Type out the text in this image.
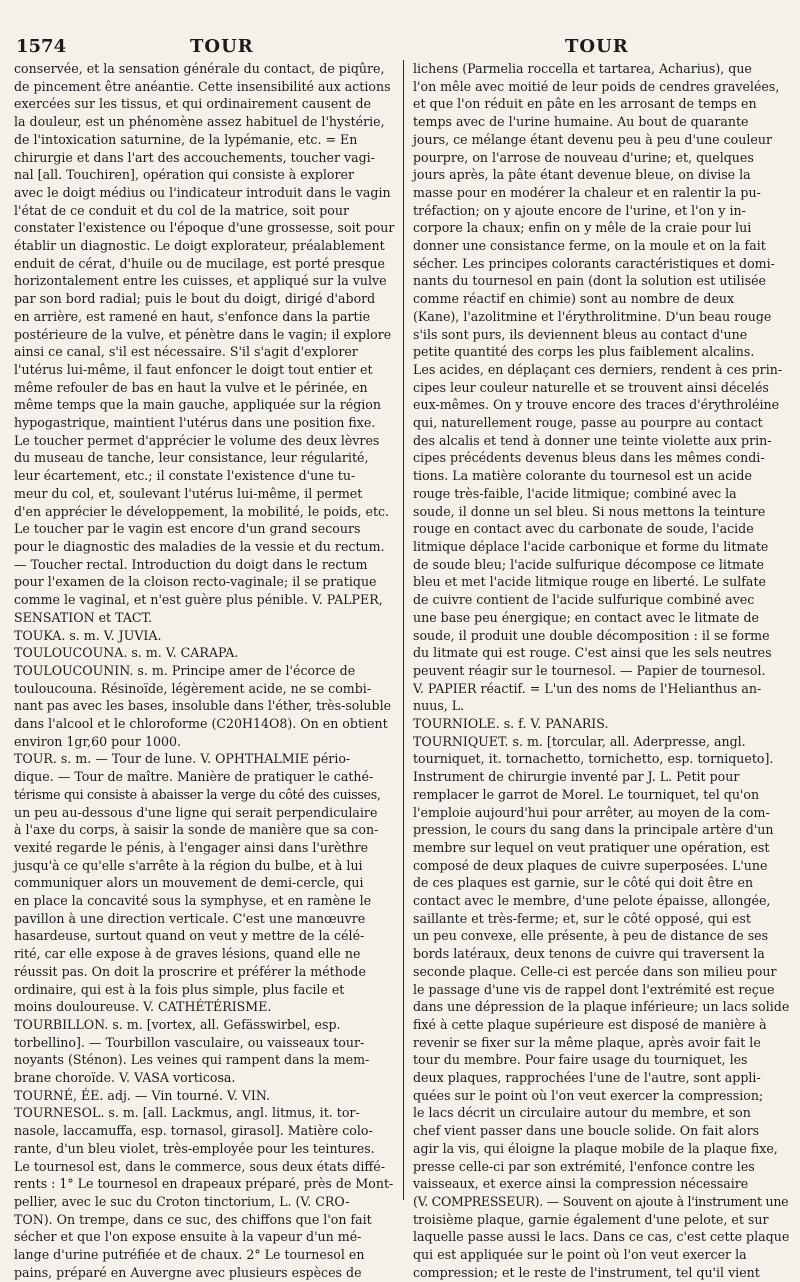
1574	TOUR	TOUR
conservée, et la sensation générale du contact, de piqûre,
de pincement être anéantie. Cette insensibilité aux actions
exercées sur les tissus, et qui ordinairement causent de
la douleur, est un phénomène assez habituel de l'hystérie,
de l'intoxication saturnine, de la lypémanie, etc. = En
chirurgie et dans l'art des accouchements, toucher vagi-
nal [all. Touchiren], opération qui consiste à explorer
avec le doigt médius ou l'indicateur introduit dans le vagin
l'état de ce conduit et du col de la matrice, soit pour
constater l'existence ou l'époque d'une grossesse, soit pour
établir un diagnostic. Le doigt explorateur, préalablement
enduit de cérat, d'huile ou de mucilage, est porté presque
horizontalement entre les cuisses, et appliqué sur la vulve
par son bord radial; puis le bout du doigt, dirigé d'abord
en arrière, est ramené en haut, s'enfonce dans la partie
postérieure de la vulve, et pénètre dans le vagin; il explore
ainsi ce canal, s'il est nécessaire. S'il s'agit d'explorer
l'utérus lui-même, il faut enfoncer le doigt tout entier et
même refouler de bas en haut la vulve et le périnée, en
même temps que la main gauche, appliquée sur la région
hypogastrique, maintient l'utérus dans une position fixe.
Le toucher permet d'apprécier le volume des deux lèvres
du museau de tanche, leur consistance, leur régularité,
leur écartement, etc.; il constate l'existence d'une tu-
meur du col, et, soulevant l'utérus lui-même, il permet
d'en apprécier le développement, la mobilité, le poids, etc.
Le toucher par le vagin est encore d'un grand secours
pour le diagnostic des maladies de la vessie et du rectum.
— Toucher rectal. Introduction du doigt dans le rectum
pour l'examen de la cloison recto-vaginale; il se pratique
comme le vaginal, et n'est guère plus pénible. V. PALPER,
SENSATION et TACT.
TOUKA. s. m. V. JUVIA.
TOULOUCOUNA. s. m. V. CARAPA.
TOULOUCOUNIN. s. m. Principe amer de l'écorce de
touloucouna. Résinoïde, légèrement acide, ne se combi-
nant pas avec les bases, insoluble dans l'éther, très-soluble
dans l'alcool et le chloroforme (C20H14O8). On en obtient
environ 1gr,60 pour 1000.
TOUR. s. m. — Tour de lune. V. OPHTHALMIE pério-
dique. — Tour de maître. Manière de pratiquer le cathé-
térisme qui consiste à abaisser la verge du côté des cuisses,
un peu au-dessous d'une ligne qui serait perpendiculaire
à l'axe du corps, à saisir la sonde de manière que sa con-
vexité regarde le pénis, à l'engager ainsi dans l'urèthre
jusqu'à ce qu'elle s'arrête à la région du bulbe, et à lui
communiquer alors un mouvement de demi-cercle, qui
en place la concavité sous la symphyse, et en ramène le
pavillon à une direction verticale. C'est une manœuvre
hasardeuse, surtout quand on veut y mettre de la célé-
rité, car elle expose à de graves lésions, quand elle ne
réussit pas. On doit la proscrire et préférer la méthode
ordinaire, qui est à la fois plus simple, plus facile et
moins douloureuse. V. CATHÉTÉRISME.
TOURBILLON. s. m. [vortex, all. Gefässwirbel, esp.
torbellino]. — Tourbillon vasculaire, ou vaisseaux tour-
noyants (Sténon). Les veines qui rampent dans la mem-
brane choroïde. V. VASA vorticosa.
TOURNÉ, ÉE. adj. — Vin tourné. V. VIN.
TOURNESOL. s. m. [all. Lackmus, angl. litmus, it. tor-
nasole, laccamuffa, esp. tornasol, girasol]. Matière colo-
rante, d'un bleu violet, très-employée pour les teintures.
Le tournesol est, dans le commerce, sous deux états diffé-
rents : 1° Le tournesol en drapeaux préparé, près de Mont-
pellier, avec le suc du Croton tinctorium, L. (V. CRO-
TON). On trempe, dans ce suc, des chiffons que l'on fait
sécher et que l'on expose ensuite à la vapeur d'un mé-
lange d'urine putréfiée et de chaux. 2° Le tournesol en
pains, préparé en Auvergne avec plusieurs espèces de
lichens (Parmelia roccella et tartarea, Acharius), que
l'on mêle avec moitié de leur poids de cendres gravelées,
et que l'on réduit en pâte en les arrosant de temps en
temps avec de l'urine humaine. Au bout de quarante
jours, ce mélange étant devenu peu à peu d'une couleur
pourpre, on l'arrose de nouveau d'urine; et, quelques
jours après, la pâte étant devenue bleue, on divise la
masse pour en modérer la chaleur et en ralentir la pu-
tréfaction; on y ajoute encore de l'urine, et l'on y in-
corpore la chaux; enfin on y mêle de la craie pour lui
donner une consistance ferme, on la moule et on la fait
sécher. Les principes colorants caractéristiques et domi-
nants du tournesol en pain (dont la solution est utilisée
comme réactif en chimie) sont au nombre de deux
(Kane), l'azolitmine et l'érythrolitmine. D'un beau rouge
s'ils sont purs, ils deviennent bleus au contact d'une
petite quantité des corps les plus faiblement alcalins.
Les acides, en déplaçant ces derniers, rendent à ces prin-
cipes leur couleur naturelle et se trouvent ainsi décelés
eux-mêmes. On y trouve encore des traces d'érythroléine
qui, naturellement rouge, passe au pourpre au contact
des alcalis et tend à donner une teinte violette aux prin-
cipes précédents devenus bleus dans les mêmes condi-
tions. La matière colorante du tournesol est un acide
rouge très-faible, l'acide litmique; combiné avec la
soude, il donne un sel bleu. Si nous mettons la teinture
rouge en contact avec du carbonate de soude, l'acide
litmique déplace l'acide carbonique et forme du litmate
de soude bleu; l'acide sulfurique décompose ce litmate
bleu et met l'acide litmique rouge en liberté. Le sulfate
de cuivre contient de l'acide sulfurique combiné avec
une base peu énergique; en contact avec le litmate de
soude, il produit une double décomposition : il se forme
du litmate qui est rouge. C'est ainsi que les sels neutres
peuvent réagir sur le tournesol. — Papier de tournesol.
V. PAPIER réactif. = L'un des noms de l'Helianthus an-
nuus, L.
TOURNIOLE. s. f. V. PANARIS.
TOURNIQUET. s. m. [torcular, all. Aderpresse, angl.
tourniquet, it. tornachetto, tornichetto, esp. torniqueto].
Instrument de chirurgie inventé par J. L. Petit pour
remplacer le garrot de Morel. Le tourniquet, tel qu'on
l'emploie aujourd'hui pour arrêter, au moyen de la com-
pression, le cours du sang dans la principale artère d'un
membre sur lequel on veut pratiquer une opération, est
composé de deux plaques de cuivre superposées. L'une
de ces plaques est garnie, sur le côté qui doit être en
contact avec le membre, d'une pelote épaisse, allongée,
saillante et très-ferme; et, sur le côté opposé, qui est
un peu convexe, elle présente, à peu de distance de ses
bords latéraux, deux tenons de cuivre qui traversent la
seconde plaque. Celle-ci est percée dans son milieu pour
le passage d'une vis de rappel dont l'extrémité est reçue
dans une dépression de la plaque inférieure; un lacs solide
fixé à cette plaque supérieure est disposé de manière à
revenir se fixer sur la même plaque, après avoir fait le
tour du membre. Pour faire usage du tourniquet, les
deux plaques, rapprochées l'une de l'autre, sont appli-
quées sur le point où l'on veut exercer la compression;
le lacs décrit un circulaire autour du membre, et son
chef vient passer dans une boucle solide. On fait alors
agir la vis, qui éloigne la plaque mobile de la plaque fixe,
presse celle-ci par son extrémité, l'enfonce contre les
vaisseaux, et exerce ainsi la compression nécessaire
(V. COMPRESSEUR). — Souvent on ajoute à l'instrument une
troisième plaque, garnie également d'une pelote, et sur
laquelle passe aussi le lacs. Dans ce cas, c'est cette plaque
qui est appliquée sur le point où l'on veut exercer la
compression; et le reste de l'instrument, tel qu'il vient
